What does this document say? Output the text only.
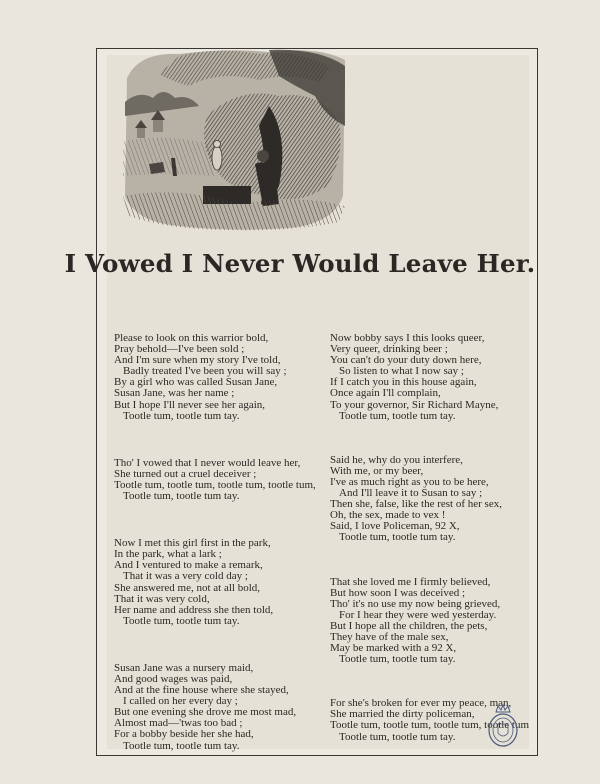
I Vowed I Never Would Leave Her.
Please to look on this warrior bold,
Pray behold—I've been sold ;
And I'm sure when my story I've told,
Badly treated I've been you will say ;
By a girl who was called Susan Jane,
Susan Jane, was her name ;
But I hope I'll never see her again,
Tootle tum, tootle tum tay.
Tho' I vowed that I never would leave her,
She turned out a cruel deceiver ;
Tootle tum, tootle tum, tootle tum, tootle tum,
Tootle tum, tootle tum tay.
Now I met this girl first in the park,
In the park, what a lark ;
And I ventured to make a remark,
That it was a very cold day ;
She answered me, not at all bold,
That it was very cold,
Her name and address she then told,
Tootle tum, tootle tum tay.
Susan Jane was a nursery maid,
And good wages was paid,
And at the fine house where she stayed,
I called on her every day ;
But one evening she drove me most mad,
Almost mad—'twas too bad ;
For a bobby beside her she had,
Tootle tum, tootle tum tay.
Now bobby says I this looks queer,
Very queer, drinking beer ;
You can't do your duty down here,
So listen to what I now say ;
If I catch you in this house again,
Once again I'll complain,
To your governor, Sir Richard Mayne,
Tootle tum, tootle tum tay.
Said he, why do you interfere,
With me, or my beer,
I've as much right as you to be here,
And I'll leave it to Susan to say ;
Then she, false, like the rest of her sex,
Oh, the sex, made to vex !
Said, I love Policeman, 92 X,
Tootle tum, tootle tum tay.
That she loved me I firmly believed,
But how soon I was deceived ;
Tho' it's no use my now being grieved,
For I hear they were wed yesterday.
But I hope all the children, the pets,
They have of the male sex,
May be marked with a 92 X,
Tootle tum, tootle tum tay.
For she's broken for ever my peace, man,
She married the dirty policeman,
Tootle tum, tootle tum, tootle tum, tootle tum
Tootle tum, tootle tum tay.
